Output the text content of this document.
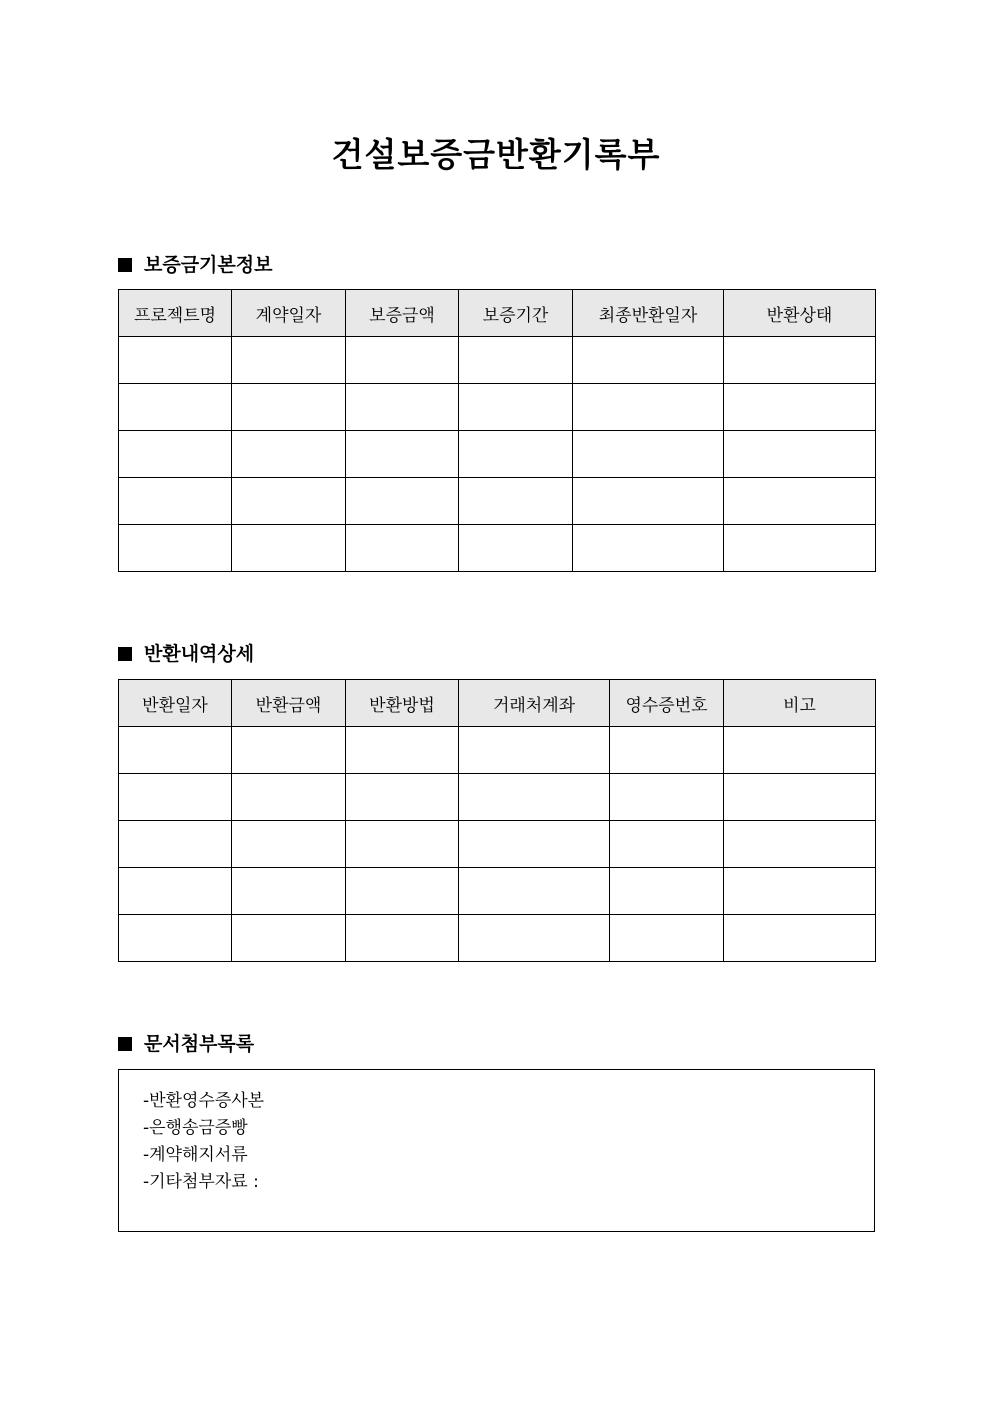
건설보증금반환기록부
보증금기본정보
프로젝트명	계약일자	보증금액	보증기간	최종반환일자	반환상태

반환내역상세
반환일자	반환금액	반환방법	거래처계좌	영수증번호	비고

문서첨부목록
-반환영수증사본
-은행송금증빵
-계약해지서류
-기타첨부자료 :
